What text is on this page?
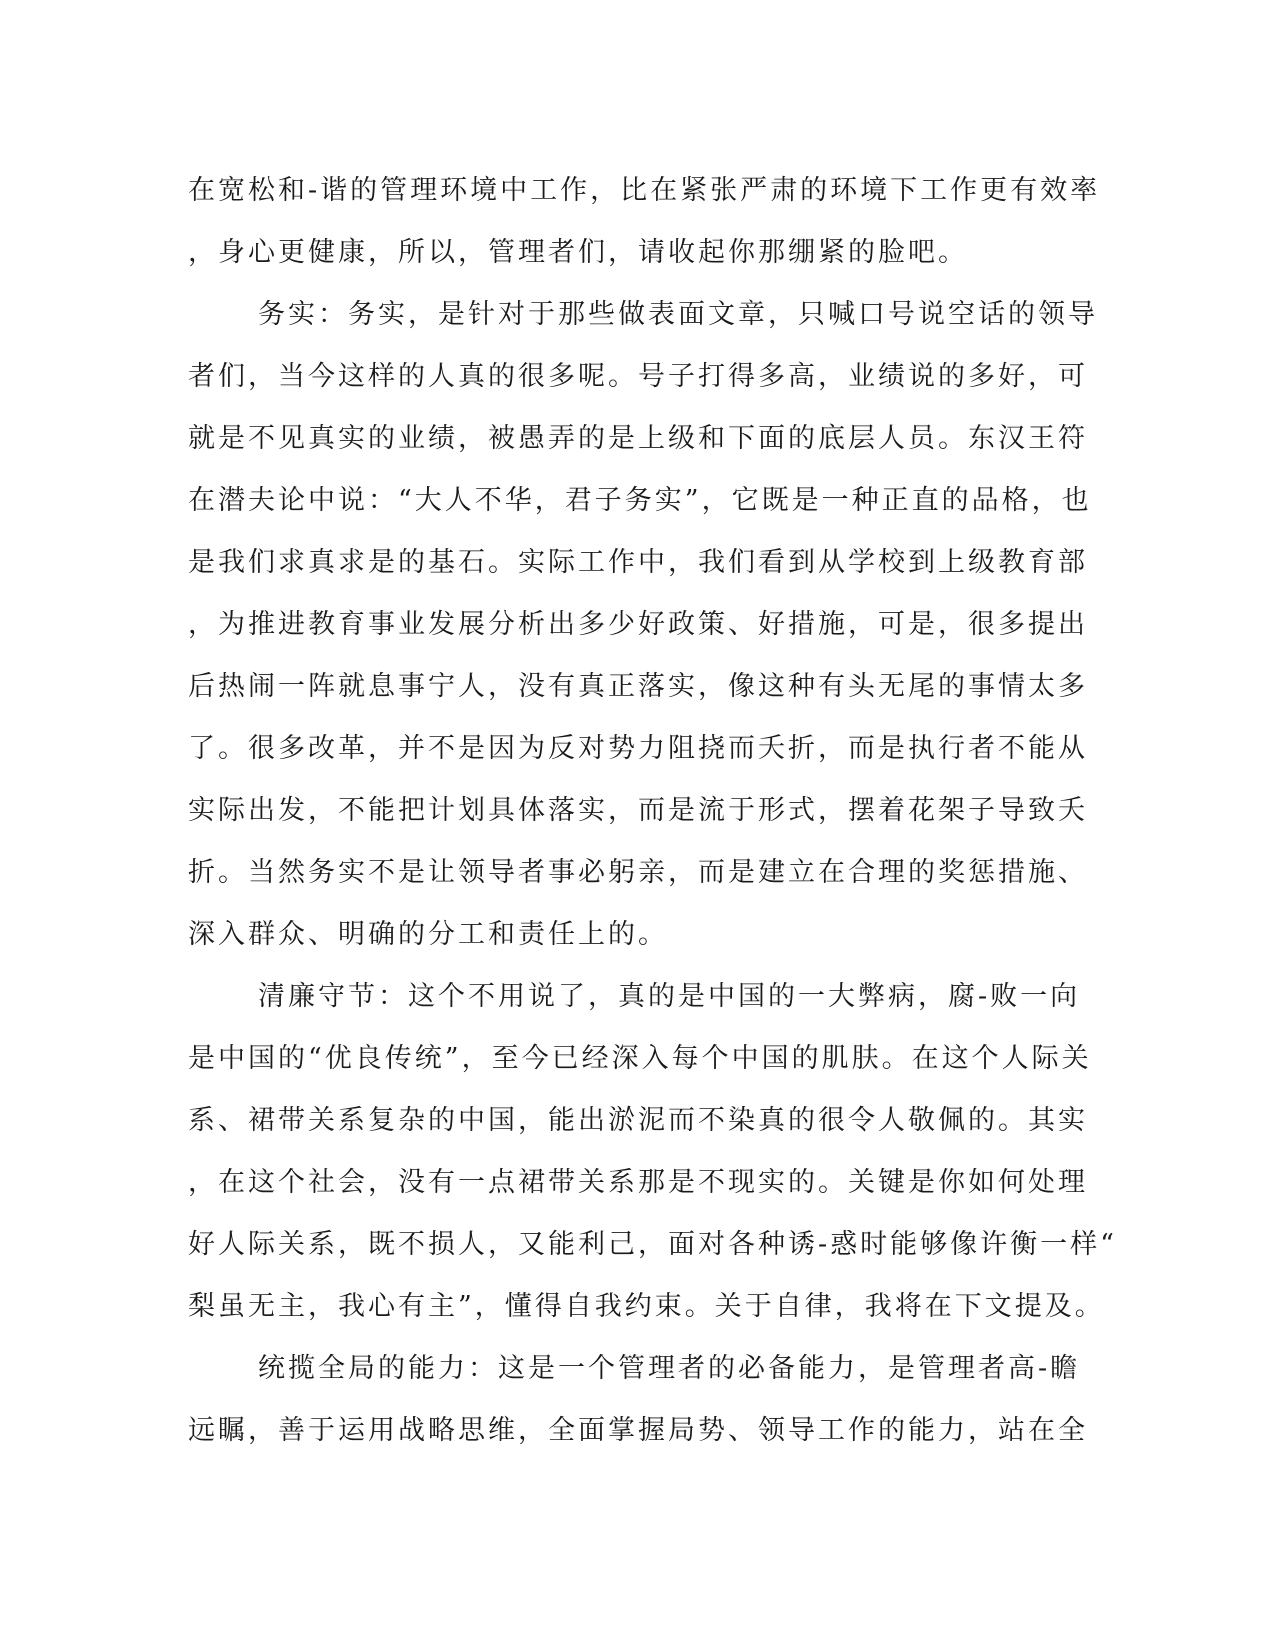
在宽松和-谐的管理环境中工作，比在紧张严肃的环境下工作更有效率
，身心更健康，所以，管理者们，请收起你那绷紧的脸吧。
务实：务实，是针对于那些做表面文章，只喊口号说空话的领导
者们，当今这样的人真的很多呢。号子打得多高，业绩说的多好，可
就是不见真实的业绩，被愚弄的是上级和下面的底层人员。东汉王符
在潜夫论中说：“大人不华，君子务实”，它既是一种正直的品格，也
是我们求真求是的基石。实际工作中，我们看到从学校到上级教育部
，为推进教育事业发展分析出多少好政策、好措施，可是，很多提出
后热闹一阵就息事宁人，没有真正落实，像这种有头无尾的事情太多
了。很多改革，并不是因为反对势力阻挠而夭折，而是执行者不能从
实际出发，不能把计划具体落实，而是流于形式，摆着花架子导致夭
折。当然务实不是让领导者事必躬亲，而是建立在合理的奖惩措施、
深入群众、明确的分工和责任上的。
清廉守节：这个不用说了，真的是中国的一大弊病，腐-败一向
是中国的“优良传统”，至今已经深入每个中国的肌肤。在这个人际关
系、裙带关系复杂的中国，能出淤泥而不染真的很令人敬佩的。其实
，在这个社会，没有一点裙带关系那是不现实的。关键是你如何处理
好人际关系，既不损人，又能利己，面对各种诱-惑时能够像许衡一样“
梨虽无主，我心有主”，懂得自我约束。关于自律，我将在下文提及。
统揽全局的能力：这是一个管理者的必备能力，是管理者高-瞻
远瞩，善于运用战略思维，全面掌握局势、领导工作的能力，站在全
